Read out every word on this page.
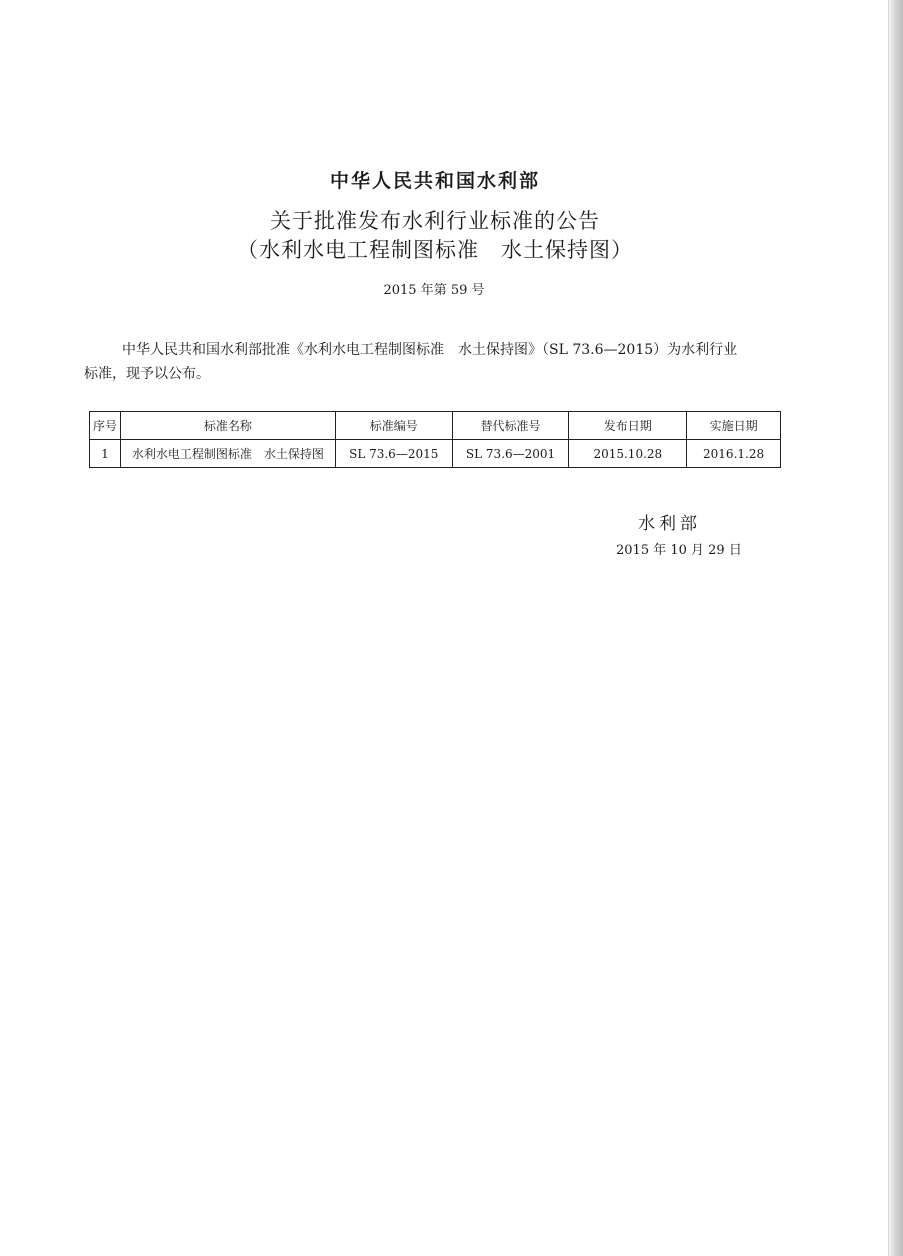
中华人民共和国水利部
关于批准发布水利行业标准的公告
（水利水电工程制图标准　水土保持图）
2015 年第 59 号
中华人民共和国水利部批准《水利水电工程制图标准　水土保持图》（SL 73.6—2015）为水利行业
标准，现予以公布。
序号	标准名称	标准编号	替代标准号	发布日期	实施日期
1	水利水电工程制图标准　水土保持图	SL 73.6—2015	SL 73.6—2001	2015.10.28	2016.1.28
水利部
2015 年 10 月 29 日
